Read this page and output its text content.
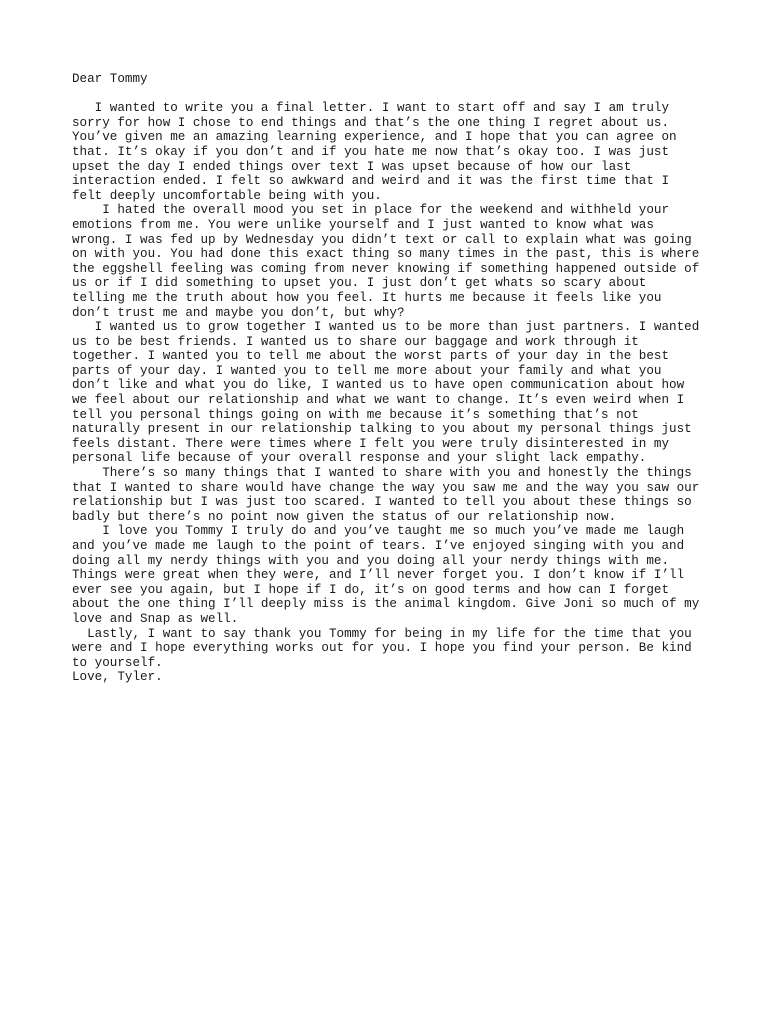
Dear Tommy
I wanted to write you a final letter. I want to start off and say I am truly
sorry for how I chose to end things and that’s the one thing I regret about us.
You’ve given me an amazing learning experience, and I hope that you can agree on
that. It’s okay if you don’t and if you hate me now that’s okay too. I was just
upset the day I ended things over text I was upset because of how our last
interaction ended. I felt so awkward and weird and it was the first time that I
felt deeply uncomfortable being with you.
I hated the overall mood you set in place for the weekend and withheld your
emotions from me. You were unlike yourself and I just wanted to know what was
wrong. I was fed up by Wednesday you didn’t text or call to explain what was going
on with you. You had done this exact thing so many times in the past, this is where
the eggshell feeling was coming from never knowing if something happened outside of
us or if I did something to upset you. I just don’t get whats so scary about
telling me the truth about how you feel. It hurts me because it feels like you
don’t trust me and maybe you don’t, but why?
I wanted us to grow together I wanted us to be more than just partners. I wanted
us to be best friends. I wanted us to share our baggage and work through it
together. I wanted you to tell me about the worst parts of your day in the best
parts of your day. I wanted you to tell me more about your family and what you
don’t like and what you do like, I wanted us to have open communication about how
we feel about our relationship and what we want to change. It’s even weird when I
tell you personal things going on with me because it’s something that’s not
naturally present in our relationship talking to you about my personal things just
feels distant. There were times where I felt you were truly disinterested in my
personal life because of your overall response and your slight lack empathy.
There’s so many things that I wanted to share with you and honestly the things
that I wanted to share would have change the way you saw me and the way you saw our
relationship but I was just too scared. I wanted to tell you about these things so
badly but there’s no point now given the status of our relationship now.
I love you Tommy I truly do and you’ve taught me so much you’ve made me laugh
and you’ve made me laugh to the point of tears. I’ve enjoyed singing with you and
doing all my nerdy things with you and you doing all your nerdy things with me.
Things were great when they were, and I’ll never forget you. I don’t know if I’ll
ever see you again, but I hope if I do, it’s on good terms and how can I forget
about the one thing I’ll deeply miss is the animal kingdom. Give Joni so much of my
love and Snap as well.
Lastly, I want to say thank you Tommy for being in my life for the time that you
were and I hope everything works out for you. I hope you find your person. Be kind
to yourself.
Love, Tyler.
